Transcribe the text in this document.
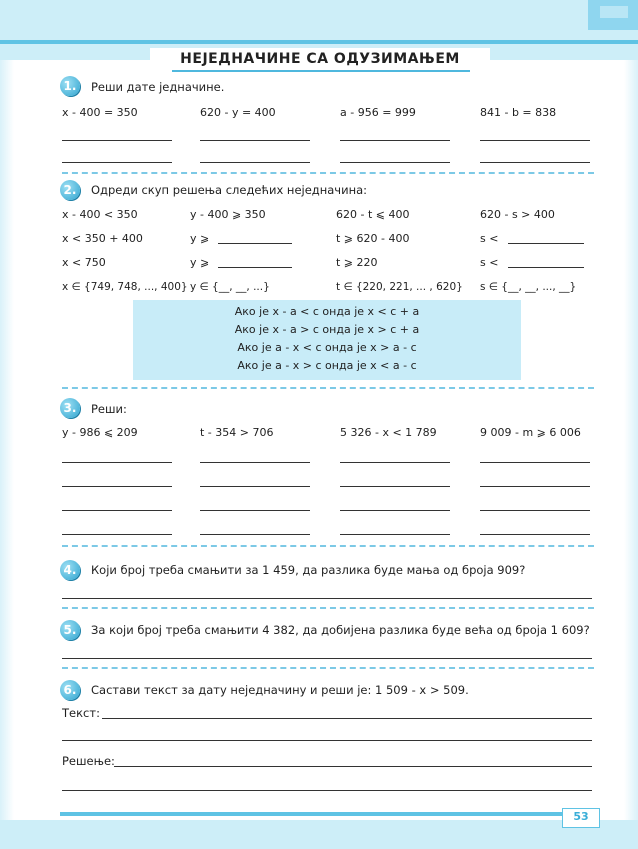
НЕЈЕДНАЧИНЕ СА ОДУЗИМАЊЕМ
1.	Реши дате једначине.
x - 400 = 350	620 - y = 400	a - 956 = 999	841 - b = 838
2.	Одреди скуп решења следећих неједначина:
x - 400 < 350	y - 400 ⩾ 350	620 - t ⩽ 400	620 - s > 400
x < 350 + 400	y ⩾	t ⩾ 620 - 400	s <
x < 750	y ⩾	t ⩾ 220	s <
x ∈ {749, 748, ..., 400} y ∈ {__, __, ...}	t ∈ {220, 221, ... , 620} s ∈ {__, __, ..., __}
Ако је x - a < c онда је x < c + a
Ако је x - a > c онда је x > c + a
Ако је a - x < c онда је x > a - c
Ако је a - x > c онда је x < a - c
3.	Реши:
y - 986 ⩽ 209	t - 354 > 706	5 326 - x < 1 789	9 009 - m ⩾ 6 006
4.	Који број треба смањити за 1 459, да разлика буде мања од броја 909?
5.	За који број треба смањити 4 382, да добијена разлика буде већа од броја 1 609?
6.	Састави текст за дату неједначину и реши је: 1 509 - x > 509.
Текст:
Решење:
53
